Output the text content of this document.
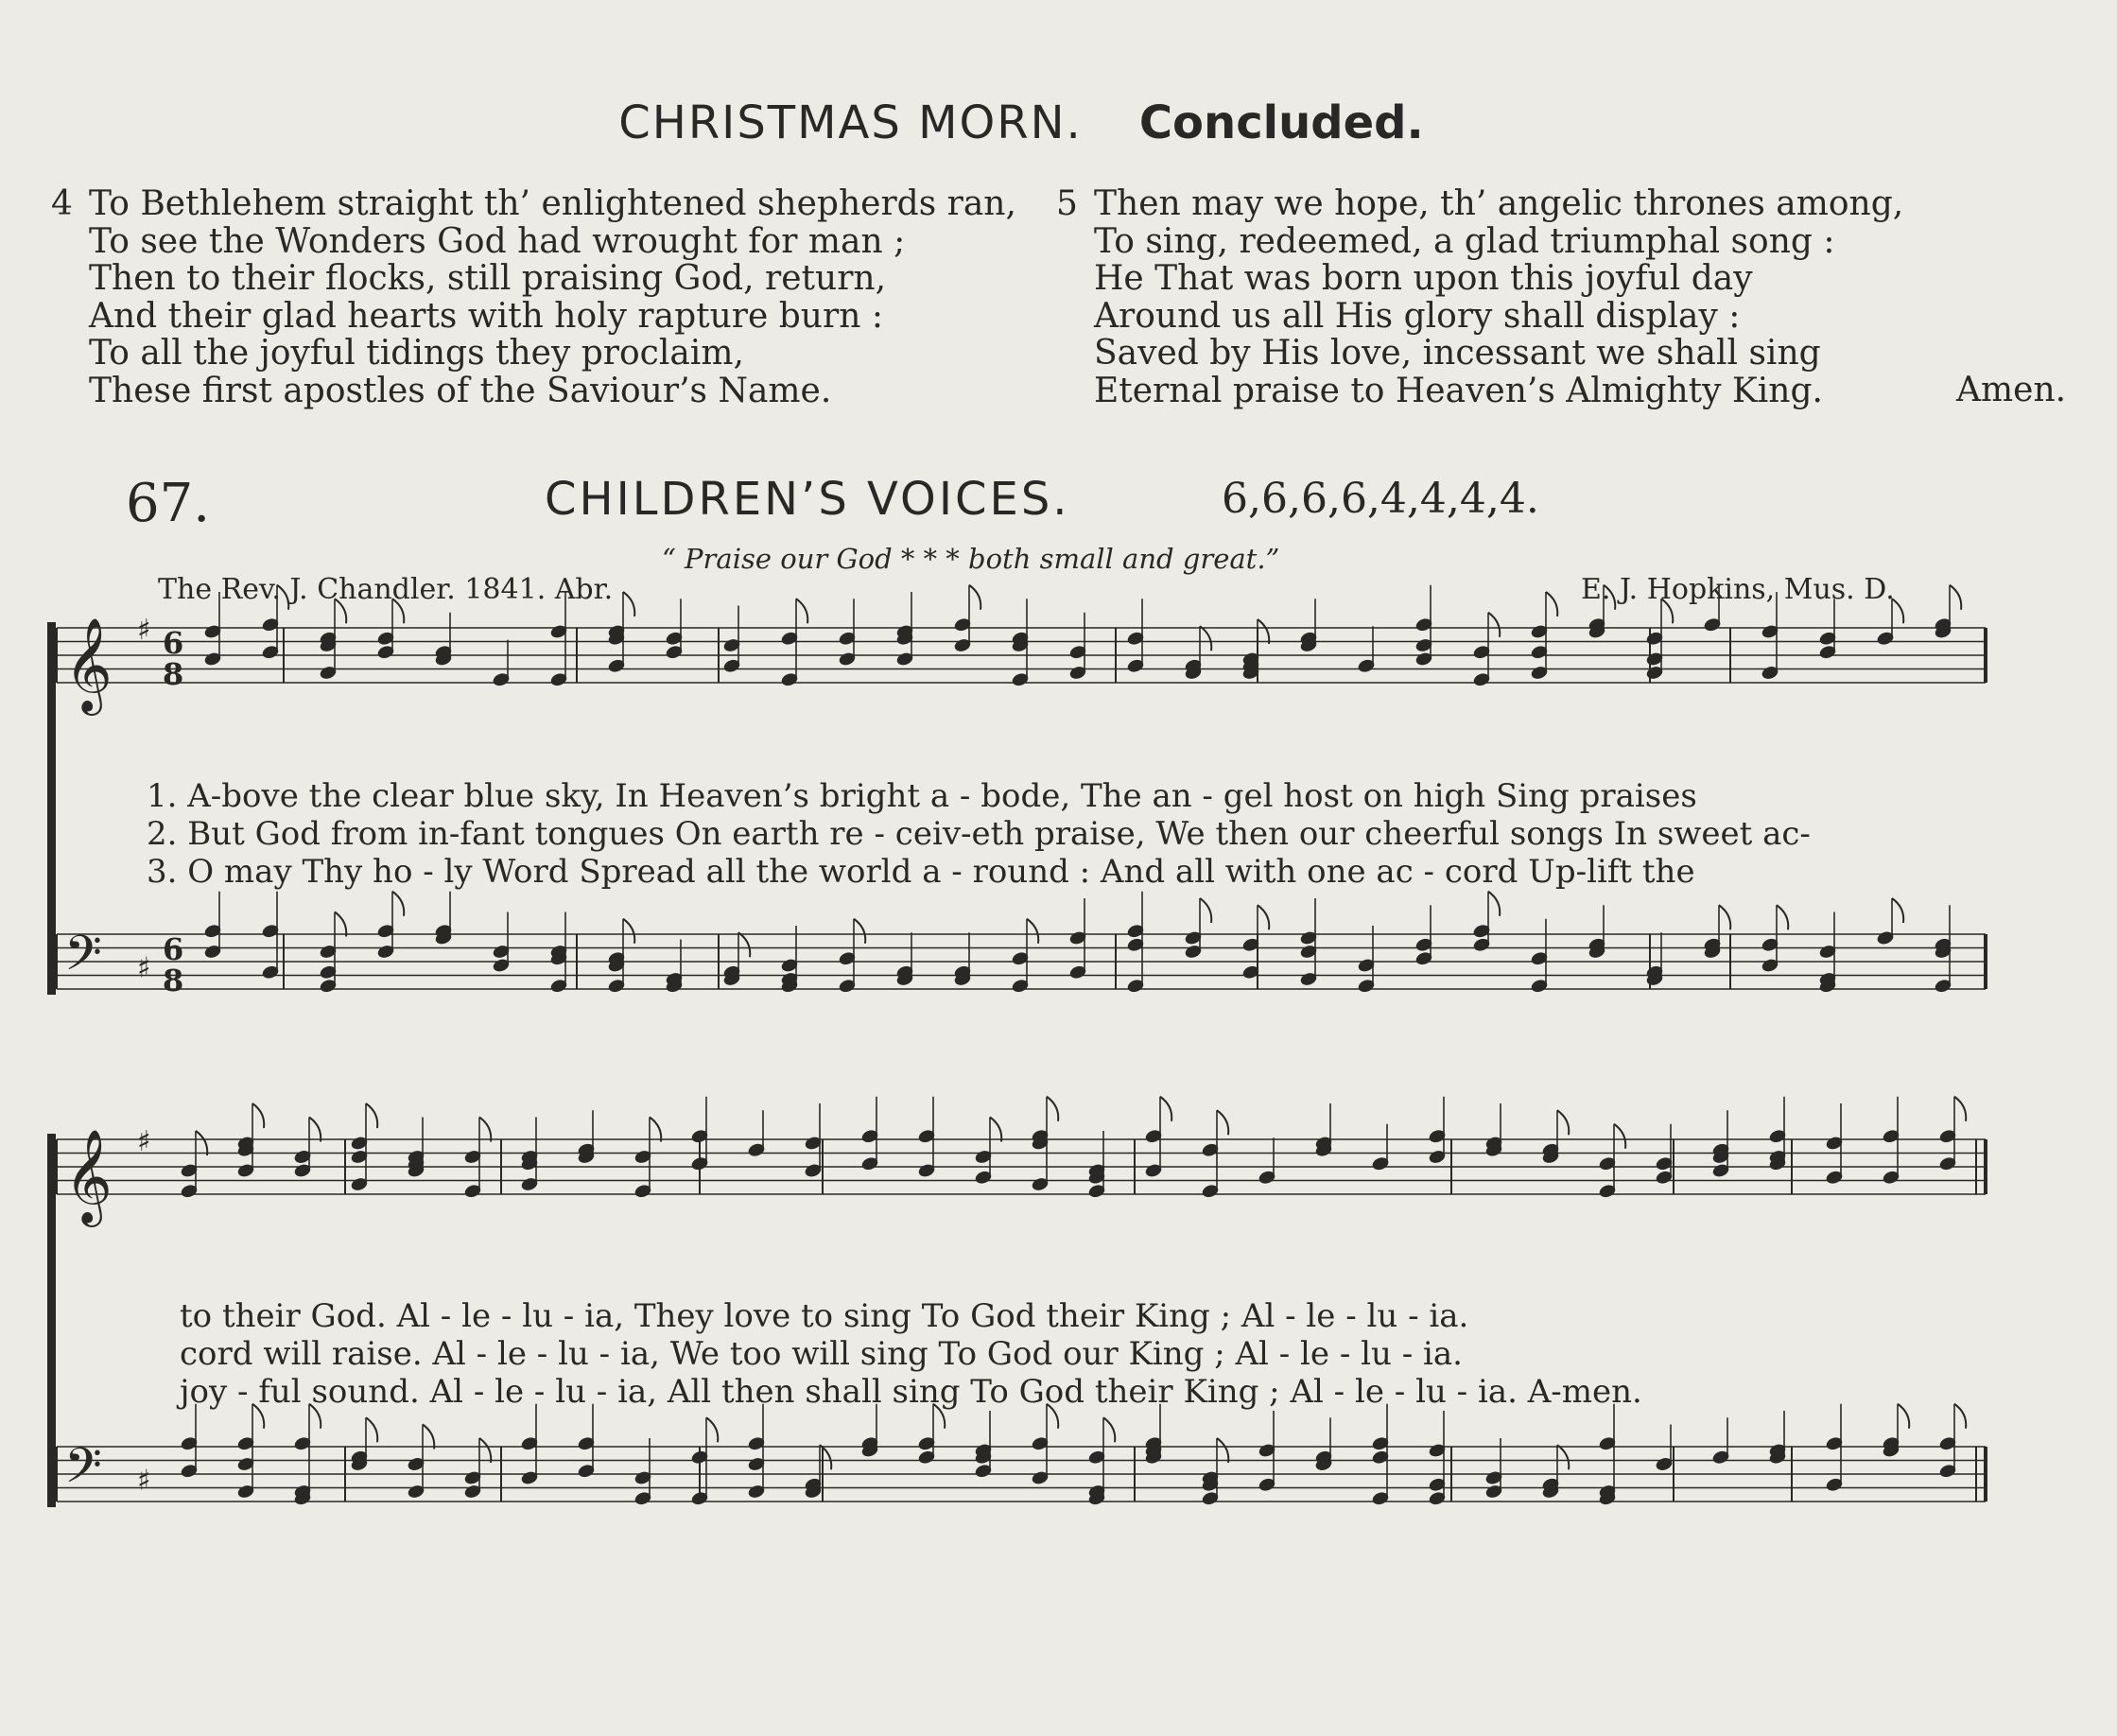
CHRISTMAS MORN. Concluded.
4 To Bethlehem straight th’ enlightened shepherds ran,
To see the Wonders God had wrought for man ;
Then to their flocks, still praising God, return,
And their glad hearts with holy rapture burn :
To all the joyful tidings they proclaim,
These first apostles of the Saviour’s Name.
5 Then may we hope, th’ angelic thrones among,
To sing, redeemed, a glad triumphal song :
He That was born upon this joyful day
Around us all His glory shall display :
Saved by His love, incessant we shall sing
Eternal praise to Heaven’s Almighty King.	Amen.
67.	CHILDREN’S VOICES.	6,6,6,6,4,4,4,4.
“ Praise our God * * * both small and great.”
The Rev. J. Chandler. 1841. Abr.	E. J. Hopkins, Mus. D.
𝄞 ♯ 6
8
𝄢 ♯
6
8
𝄞 ♯
𝄢 ♯
1. A-bove the clear blue sky, In Heaven’s bright a - bode, The an - gel host on high Sing praises
2. But God from in-fant tongues On earth re - ceiv-eth praise, We then our cheerful songs In sweet ac-
3. O may Thy ho - ly Word Spread all the world a - round : And all with one ac - cord Up-lift the
to their God. Al - le - lu - ia, They love to sing To God their King ; Al - le - lu - ia.
cord will raise. Al - le - lu - ia, We too will sing To God our King ; Al - le - lu - ia.
joy - ful sound. Al - le - lu - ia, All then shall sing To God their King ; Al - le - lu - ia. A-men.
